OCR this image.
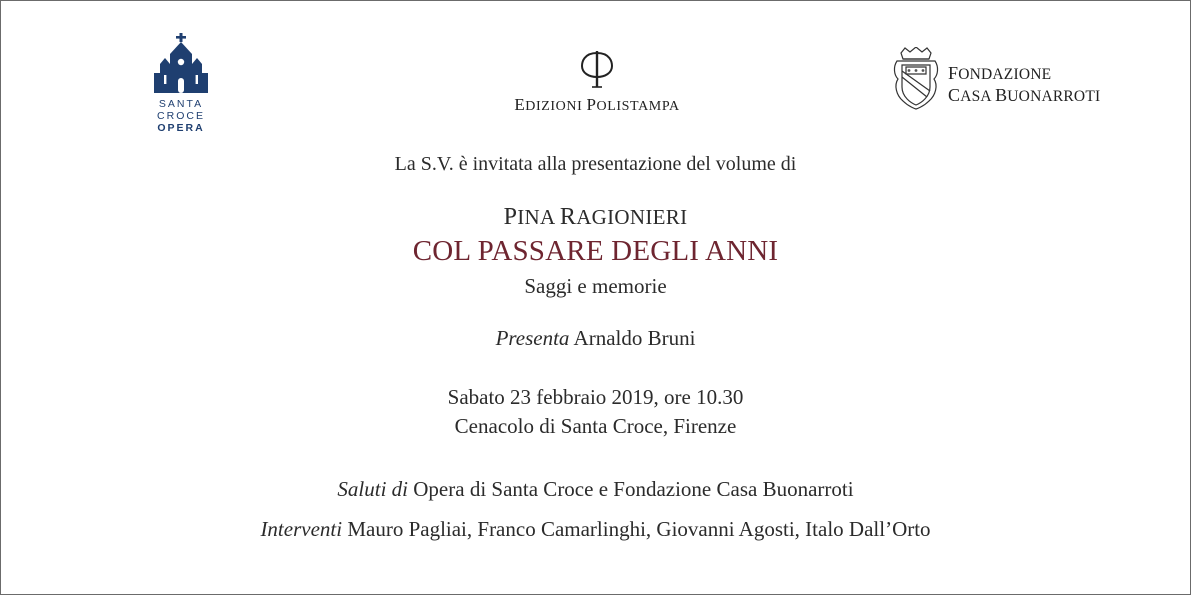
SANTA
CROCE
OPERA
EDIZIONI POLISTAMPA
FONDAZIONE
CASA BUONARROTI
La S.V. è invitata alla presentazione del volume di
PINA RAGIONIERI
COL PASSARE DEGLI ANNI
Saggi e memorie
Presenta Arnaldo Bruni
Sabato 23 febbraio 2019, ore 10.30
Cenacolo di Santa Croce, Firenze
Saluti di Opera di Santa Croce e Fondazione Casa Buonarroti
Interventi Mauro Pagliai, Franco Camarlinghi, Giovanni Agosti, Italo Dall’Orto
